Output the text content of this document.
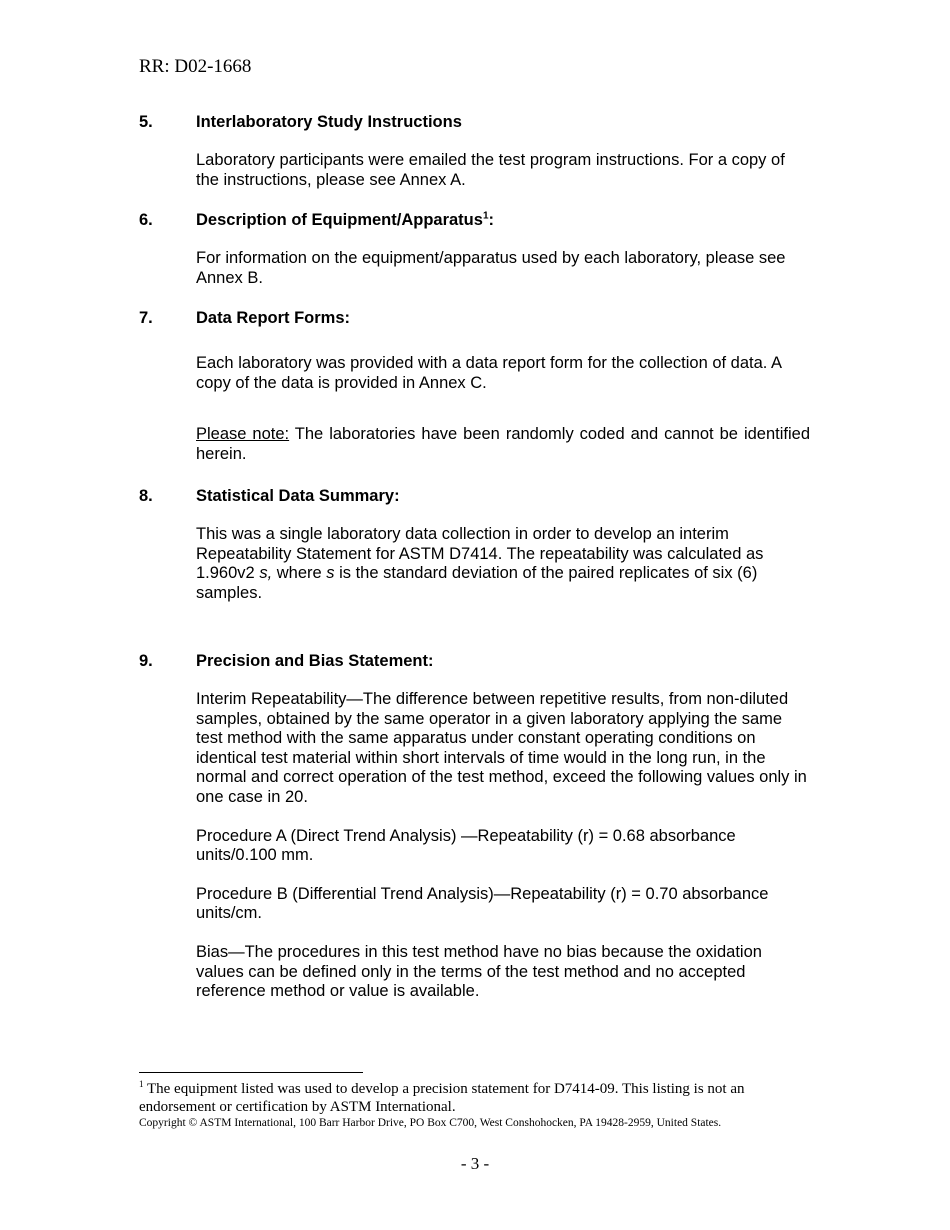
RR: D02-1668
5.	Interlaboratory Study Instructions

Laboratory participants were emailed the test program instructions. For a copy of the instructions, please see Annex A.

6.	Description of Equipment/Apparatus$^1$:

For information on the equipment/apparatus used by each laboratory, please see Annex B.

7.	Data Report Forms:

Each laboratory was provided with a data report form for the collection of data. A copy of the data is provided in Annex C.

Please note: The laboratories have been randomly coded and cannot be identified herein.

8.	Statistical Data Summary:

This was a single laboratory data collection in order to develop an interim Repeatability Statement for ASTM D7414. The repeatability was calculated as 1.960v2 s, where s is the standard deviation of the paired replicates of six (6) samples.

9.	Precision and Bias Statement:

Interim Repeatability—The difference between repetitive results, from non-diluted samples, obtained by the same operator in a given laboratory applying the same test method with the same apparatus under constant operating conditions on identical test material within short intervals of time would in the long run, in the normal and correct operation of the test method, exceed the following values only in one case in 20.

Procedure A (Direct Trend Analysis) —Repeatability (r) = 0.68 absorbance units/0.100 mm.

Procedure B (Differential Trend Analysis)—Repeatability (r) = 0.70 absorbance units/cm.

Bias—The procedures in this test method have no bias because the oxidation values can be defined only in the terms of the test method and no accepted reference method or value is available.

$^1$ The equipment listed was used to develop a precision statement for D7414-09. This listing is not an endorsement or certification by ASTM International.
Copyright © ASTM International, 100 Barr Harbor Drive, PO Box C700, West Conshohocken, PA 19428-2959, United States.
- 3 -
